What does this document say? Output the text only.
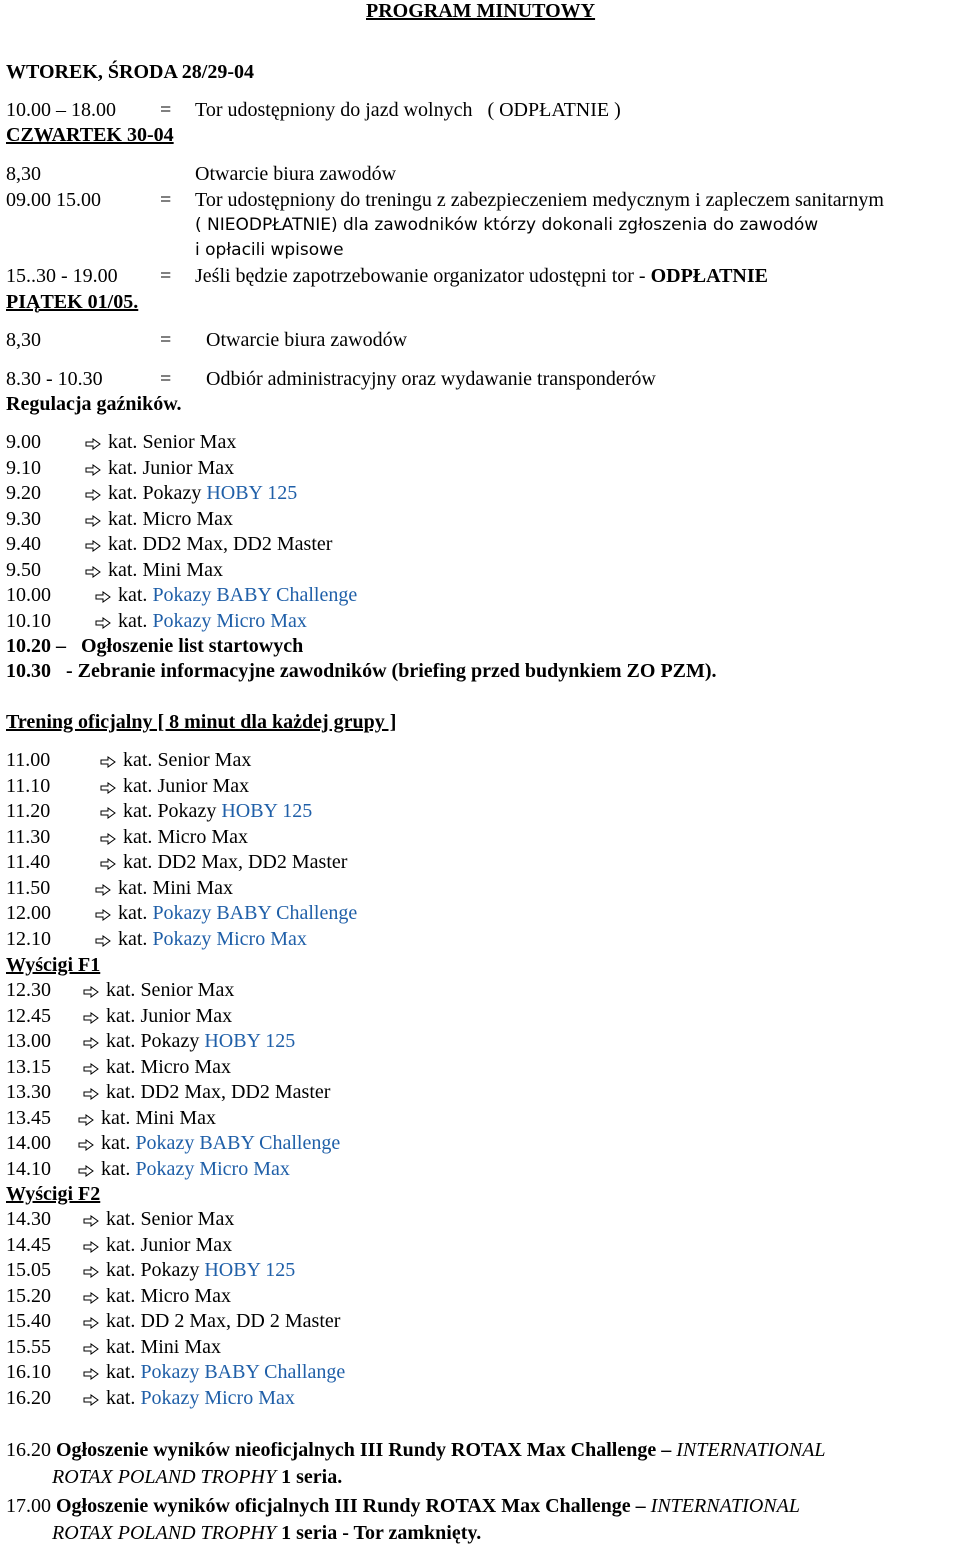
PROGRAM MINUTOWY
WTOREK, ŚRODA 28/29-04
10.00 – 18.00 = Tor udostępniony do jazd wolnych ( ODPŁATNIE )
CZWARTEK 30-04
8,30	Otwarcie biura zawodów
09.00 15.00	= Tor udostępniony do treningu z zabezpieczeniem medycznym i zapleczem sanitarnym
( NIEODPŁATNIE) dla zawodników którzy dokonali zgłoszenia do zawodów
i opłacili wpisowe
15..30 - 19.00 = Jeśli będzie zapotrzebowanie organizator udostępni tor - ODPŁATNIE
PIĄTEK 01/05.
8,30	= Otwarcie biura zawodów
8.30 - 10.30	= Odbiór administracyjny oraz wydawanie transponderów
Regulacja gaźników.
9.00	kat. Senior Max
9.10	kat. Junior Max
9.20	kat. Pokazy HOBY 125
9.30	kat. Micro Max
9.40	kat. DD2 Max, DD2 Master
9.50	kat. Mini Max
10.00	kat. Pokazy BABY Challenge
10.10	kat. Pokazy Micro Max
10.20 – Ogłoszenie list startowych
10.30 - Zebranie informacyjne zawodników (briefing przed budynkiem ZO PZM).
Trening oficjalny [ 8 minut dla każdej grupy ]
11.00	kat. Senior Max
11.10	kat. Junior Max
11.20	kat. Pokazy HOBY 125
11.30	kat. Micro Max
11.40	kat. DD2 Max, DD2 Master
11.50	kat. Mini Max
12.00	kat. Pokazy BABY Challenge
12.10	kat. Pokazy Micro Max
Wyścigi F1
12.30	kat. Senior Max
12.45	kat. Junior Max
13.00	kat. Pokazy HOBY 125
13.15	kat. Micro Max
13.30	kat. DD2 Max, DD2 Master
13.45	kat. Mini Max
14.00	kat. Pokazy BABY Challenge
14.10	kat. Pokazy Micro Max
Wyścigi F2
14.30	kat. Senior Max
14.45	kat. Junior Max
15.05	kat. Pokazy HOBY 125
15.20	kat. Micro Max
15.40	kat. DD 2 Max, DD 2 Master
15.55	kat. Mini Max
16.10	kat. Pokazy BABY Challange
16.20	kat. Pokazy Micro Max
16.20 Ogłoszenie wyników nieoficjalnych III Rundy ROTAX Max Challenge – INTERNATIONAL
ROTAX POLAND TROPHY 1 seria.
17.00 Ogłoszenie wyników oficjalnych III Rundy ROTAX Max Challenge – INTERNATIONAL
ROTAX POLAND TROPHY 1 seria - Tor zamknięty.
